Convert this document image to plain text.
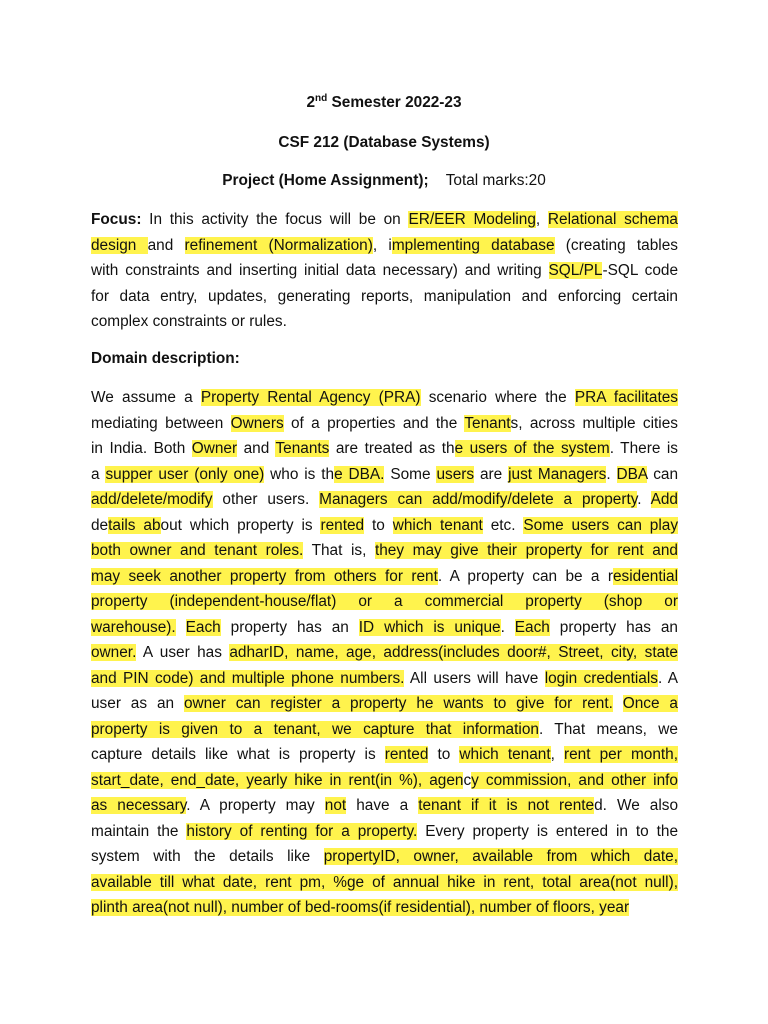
2nd Semester 2022-23
CSF 212 (Database Systems)
Project (Home Assignment); Total marks:20
Focus: In this activity the focus will be on ER/EER Modeling, Relational schema
design and refinement (Normalization), implementing database (creating tables
with constraints and inserting initial data necessary) and writing SQL/PL-SQL code
for data entry, updates, generating reports, manipulation and enforcing certain
complex constraints or rules.
Domain description:
We assume a Property Rental Agency (PRA) scenario where the PRA facilitates
mediating between Owners of a properties and the Tenants, across multiple cities
in India. Both Owner and Tenants are treated as the users of the system. There is
a supper user (only one) who is the DBA. Some users are just Managers. DBA can
add/delete/modify other users. Managers can add/modify/delete a property. Add
details about which property is rented to which tenant etc. Some users can play
both owner and tenant roles. That is, they may give their property for rent and
may seek another property from others for rent. A property can be a residential
property (independent-house/flat) or a commercial property (shop or
warehouse). Each property has an ID which is unique. Each property has an
owner. A user has adharID, name, age, address(includes door#, Street, city, state
and PIN code) and multiple phone numbers. All users will have login credentials. A
user as an owner can register a property he wants to give for rent. Once a
property is given to a tenant, we capture that information. That means, we
capture details like what is property is rented to which tenant, rent per month,
start_date, end_date, yearly hike in rent(in %), agency commission, and other info
as necessary. A property may not have a tenant if it is not rented. We also
maintain the history of renting for a property. Every property is entered in to the
system with the details like propertyID, owner, available from which date,
available till what date, rent pm, %ge of annual hike in rent, total area(not null),
plinth area(not null), number of bed-rooms(if residential), number of floors, year
